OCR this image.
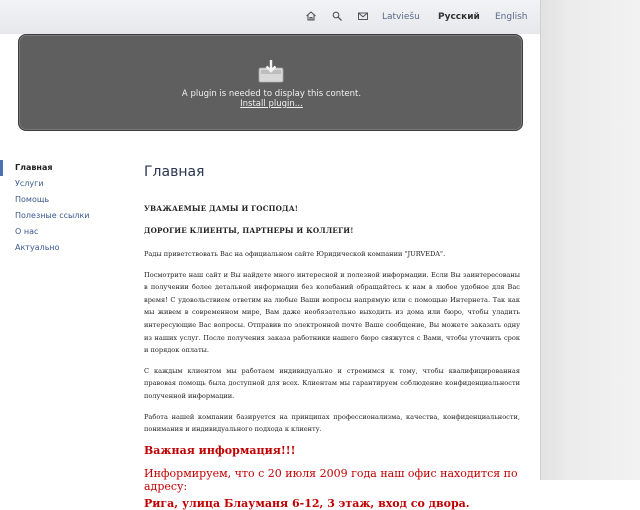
Latviešu Русский English
A plugin is needed to display this content.
Install plugin...
Главная
Услуги
Помощь
Полезные ссылки
О нас
Актуально
Главная
УВАЖАЕМЫЕ ДАМЫ И ГОСПОДА!
ДОРОГИЕ КЛИЕНТЫ, ПАРТНЕРЫ И КОЛЛЕГИ!

Рады приветствовать Вас на официальном сайте Юридической компании "JURVEDA".

Посмотрите наш сайт и Вы найдете много интересной и полезной информации. Если Вы заинтересованы в получении более детальной информации без колебаний обращайтесь к нам в любое удобное для Вас время! С удовольствием ответим на любые Ваши вопросы напрямую или с помощью Интернета. Так как мы живем в современном мире, Вам даже необязательно выходить из дома или бюро, чтобы уладить интересующие Вас вопросы. Отправив по электронной почте Ваше сообщение, Вы можете заказать одну из наших услуг. После получения заказа работники нашего бюро свяжутся с Вами, чтобы уточнить срок и порядок оплаты.

С каждым клиентом мы работаем индивидуально и стремимся к тому, чтобы квалифицированная правовая помощь была доступной для всех. Клиентам мы гарантируем соблюдение конфиденциальности полученной информации.

Работа нашей компании базируется на принципах профессионализма, качества, конфиденциальности, понимания и индивидуального подхода к клиенту.

Важная информация!!!
Информируем, что с 20 июля 2009 года наш офис находится по адресу:
Рига, улица Блауманя 6-12, 3 этаж, вход со двора.
